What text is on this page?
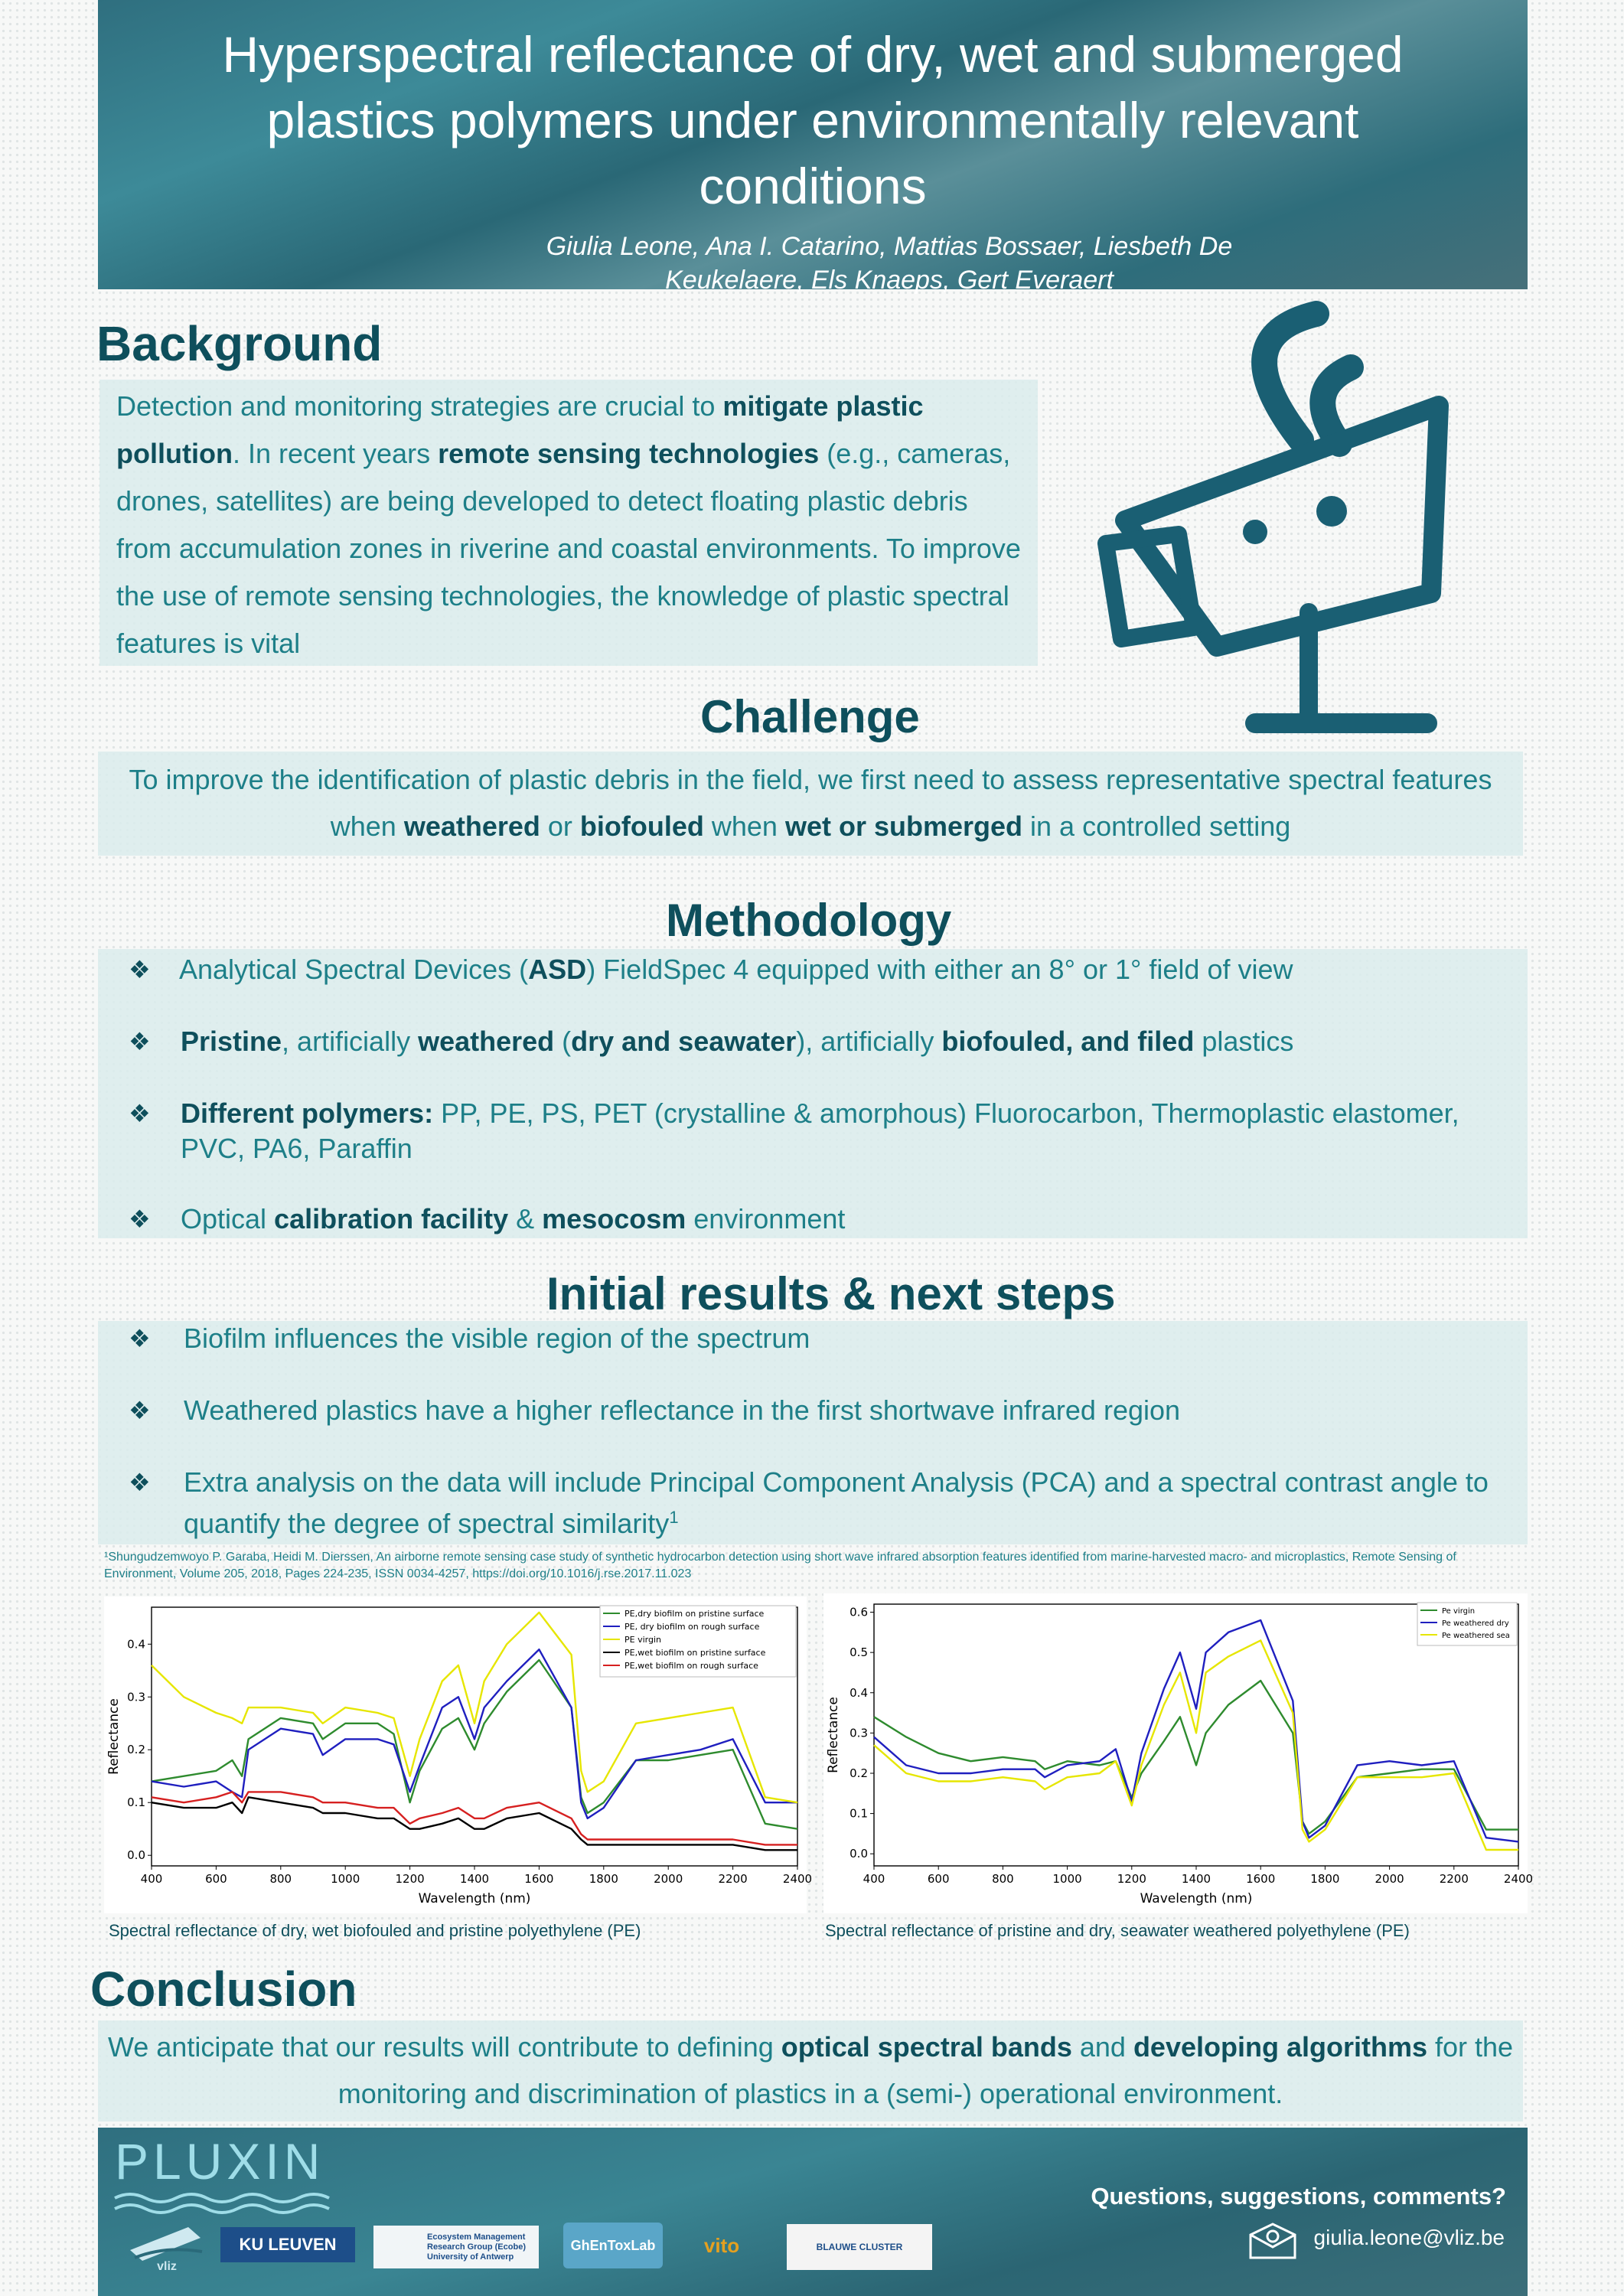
Hyperspectral reflectance of dry, wet and submerged plastics polymers under environmentally relevant conditions
Giulia Leone, Ana I. Catarino, Mattias Bossaer, Liesbeth De
Keukelaere, Els Knaeps, Gert Everaert
Background
Detection and monitoring strategies are crucial to mitigate plastic pollution. In recent years remote sensing technologies (e.g., cameras, drones, satellites) are being developed to detect floating plastic debris from accumulation zones in riverine and coastal environments. To improve the use of remote sensing technologies, the knowledge of plastic spectral features is vital
Challenge
To improve the identification of plastic debris in the field, we first need to assess representative spectral features when weathered or biofouled when wet or submerged in a controlled setting
Methodology
❖ Analytical Spectral Devices (ASD) FieldSpec 4 equipped with either an 8° or 1° field of view
❖ Pristine, artificially weathered (dry and seawater), artificially biofouled, and filed plastics
❖ Different polymers: PP, PE, PS, PET (crystalline & amorphous) Fluorocarbon, Thermoplastic elastomer, PVC, PA6, Paraffin
❖ Optical calibration facility & mesocosm environment
Initial results & next steps
❖ Biofilm influences the visible region of the spectrum
❖ Weathered plastics have a higher reflectance in the first shortwave infrared region
❖ Extra analysis on the data will include Principal Component Analysis (PCA) and a spectral contrast angle to quantify the degree of spectral similarity$^1$
¹Shungudzemwoyo P. Garaba, Heidi M. Dierssen, An airborne remote sensing case study of synthetic hydrocarbon detection using short wave infrared absorption features identified from marine-harvested macro- and microplastics, Remote Sensing of Environment, Volume 205, 2018, Pages 224-235, ISSN 0034-4257, https://doi.org/10.1016/j.rse.2017.11.023
400	600	800	1000	1200	1400	1600	1800	2000	2200	2400
0.0
0.1
0.2
0.3
0.4
Wavelength (nm)
Reflectance
PE,dry biofilm on pristine surface
PE, dry biofilm on rough surface
PE virgin
PE,wet biofilm on pristine surface
PE,wet biofilm on rough surface
400	600	800	1000	1200	1400	1600	1800	2000	2200	2400
0.0
0.1
0.2
0.3
0.4
0.5
0.6
Wavelength (nm)
Reflectance
Pe virgin
Pe weathered dry
Pe weathered sea
Spectral reflectance of dry, wet biofouled and pristine polyethylene (PE)	Spectral reflectance of pristine and dry, seawater weathered polyethylene (PE)
Conclusion
We anticipate that our results will contribute to defining optical spectral bands and developing algorithms for the monitoring and discrimination of plastics in a (semi-) operational environment.
PLUXIN
Questions, suggestions, comments?
giulia.leone@vliz.be
vliz
KU LEUVEN	Ecosystem Management Research Group (Ecobe) University of Antwerp
GhEnToxLab	vito	BLAUWE CLUSTER
